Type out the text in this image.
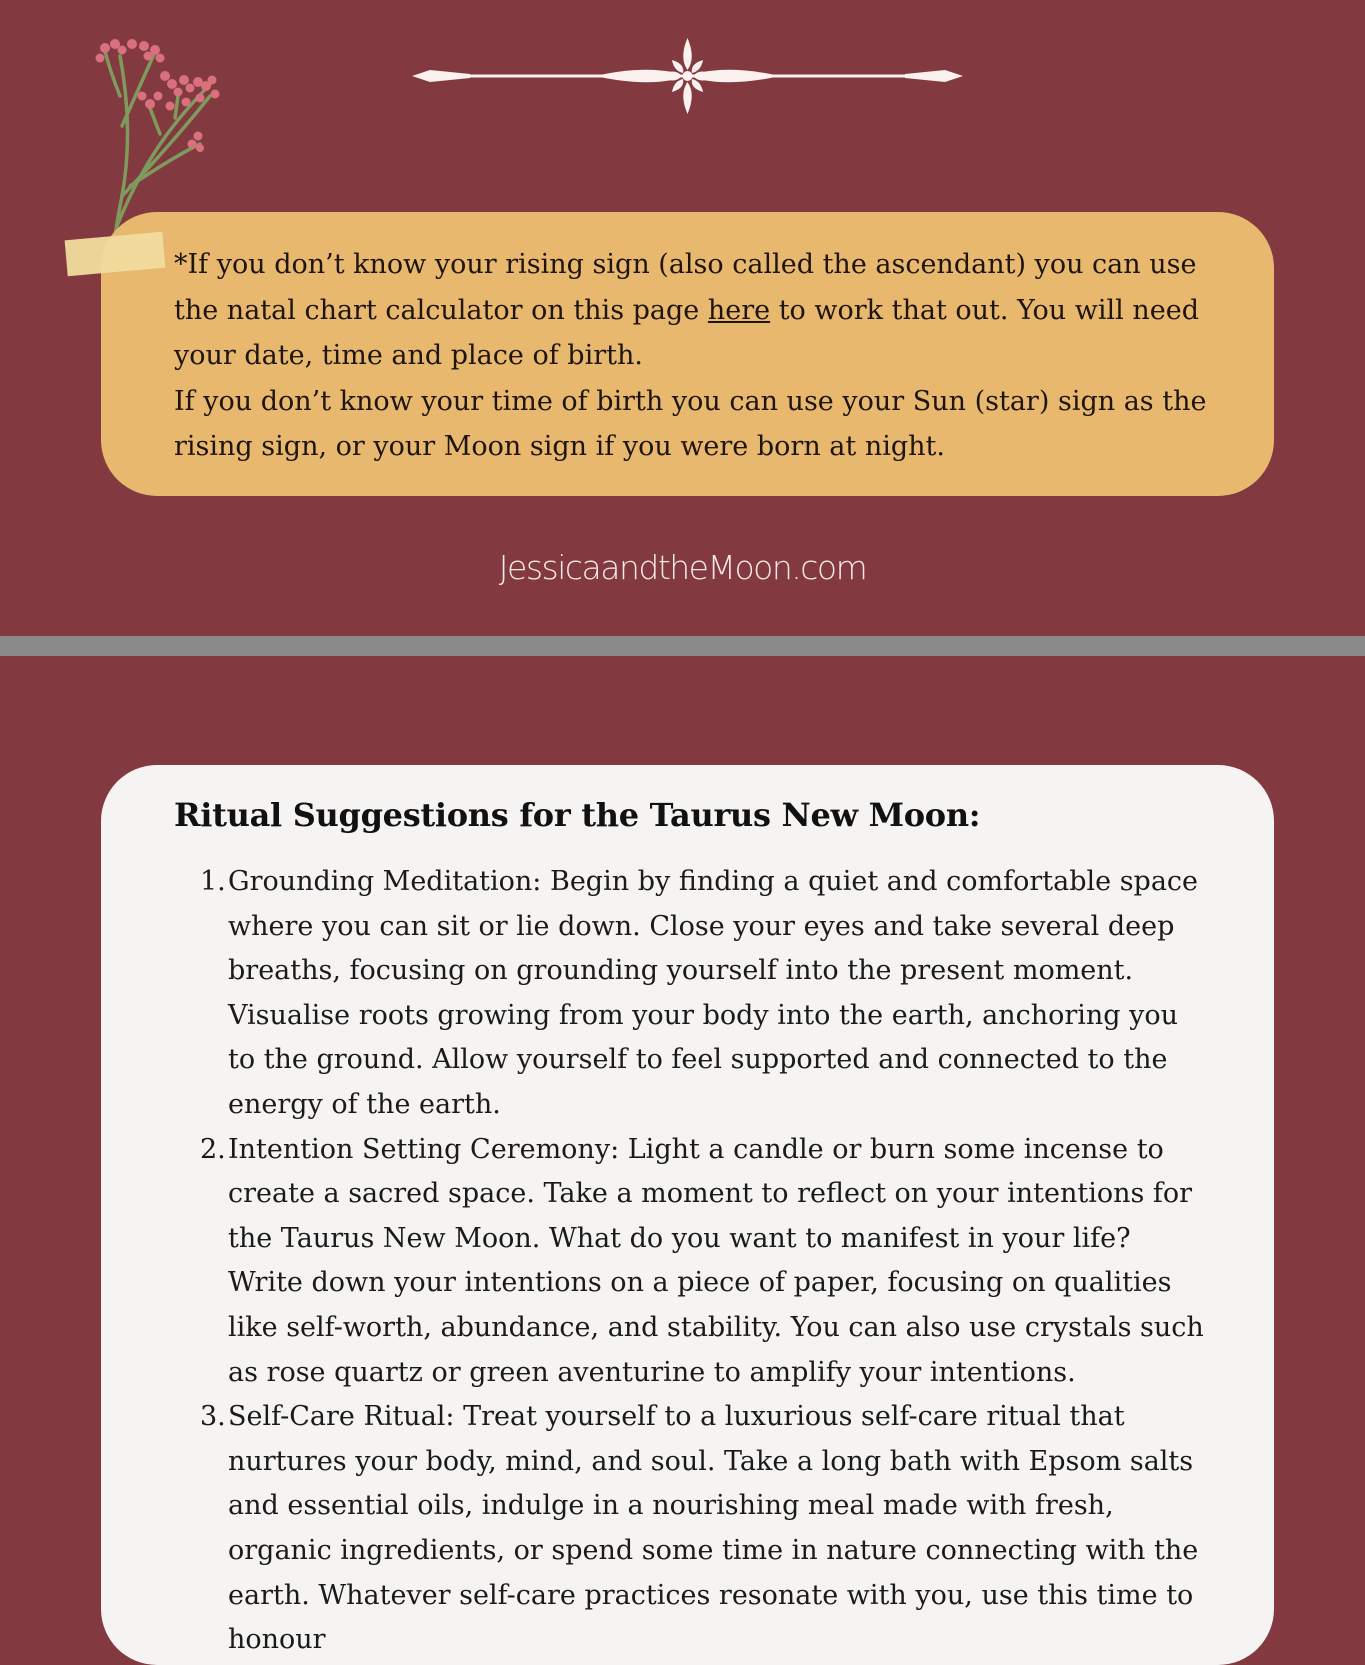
*If you don’t know your rising sign (also called the ascendant) you can use the natal chart calculator on this page here to work that out. You will need your date, time and place of birth.

If you don’t know your time of birth you can use your Sun (star) sign as the rising sign, or your Moon sign if you were born at night.

JessicaandtheMoon.com
Ritual Suggestions for the Taurus New Moon:
1. Grounding Meditation: Begin by finding a quiet and comfortable space where you can sit or lie down. Close your eyes and take several deep breaths, focusing on grounding yourself into the present moment. Visualise roots growing from your body into the earth, anchoring you to the ground. Allow yourself to feel supported and connected to the energy of the earth.
2. Intention Setting Ceremony: Light a candle or burn some incense to create a sacred space. Take a moment to reflect on your intentions for the Taurus New Moon. What do you want to manifest in your life? Write down your intentions on a piece of paper, focusing on qualities like self-worth, abundance, and stability. You can also use crystals such as rose quartz or green aventurine to amplify your intentions.
3. Self-Care Ritual: Treat yourself to a luxurious self-care ritual that nurtures your body, mind, and soul. Take a long bath with Epsom salts and essential oils, indulge in a nourishing meal made with fresh, organic ingredients, or spend some time in nature connecting with the earth. Whatever self-care practices resonate with you, use this time to honour
